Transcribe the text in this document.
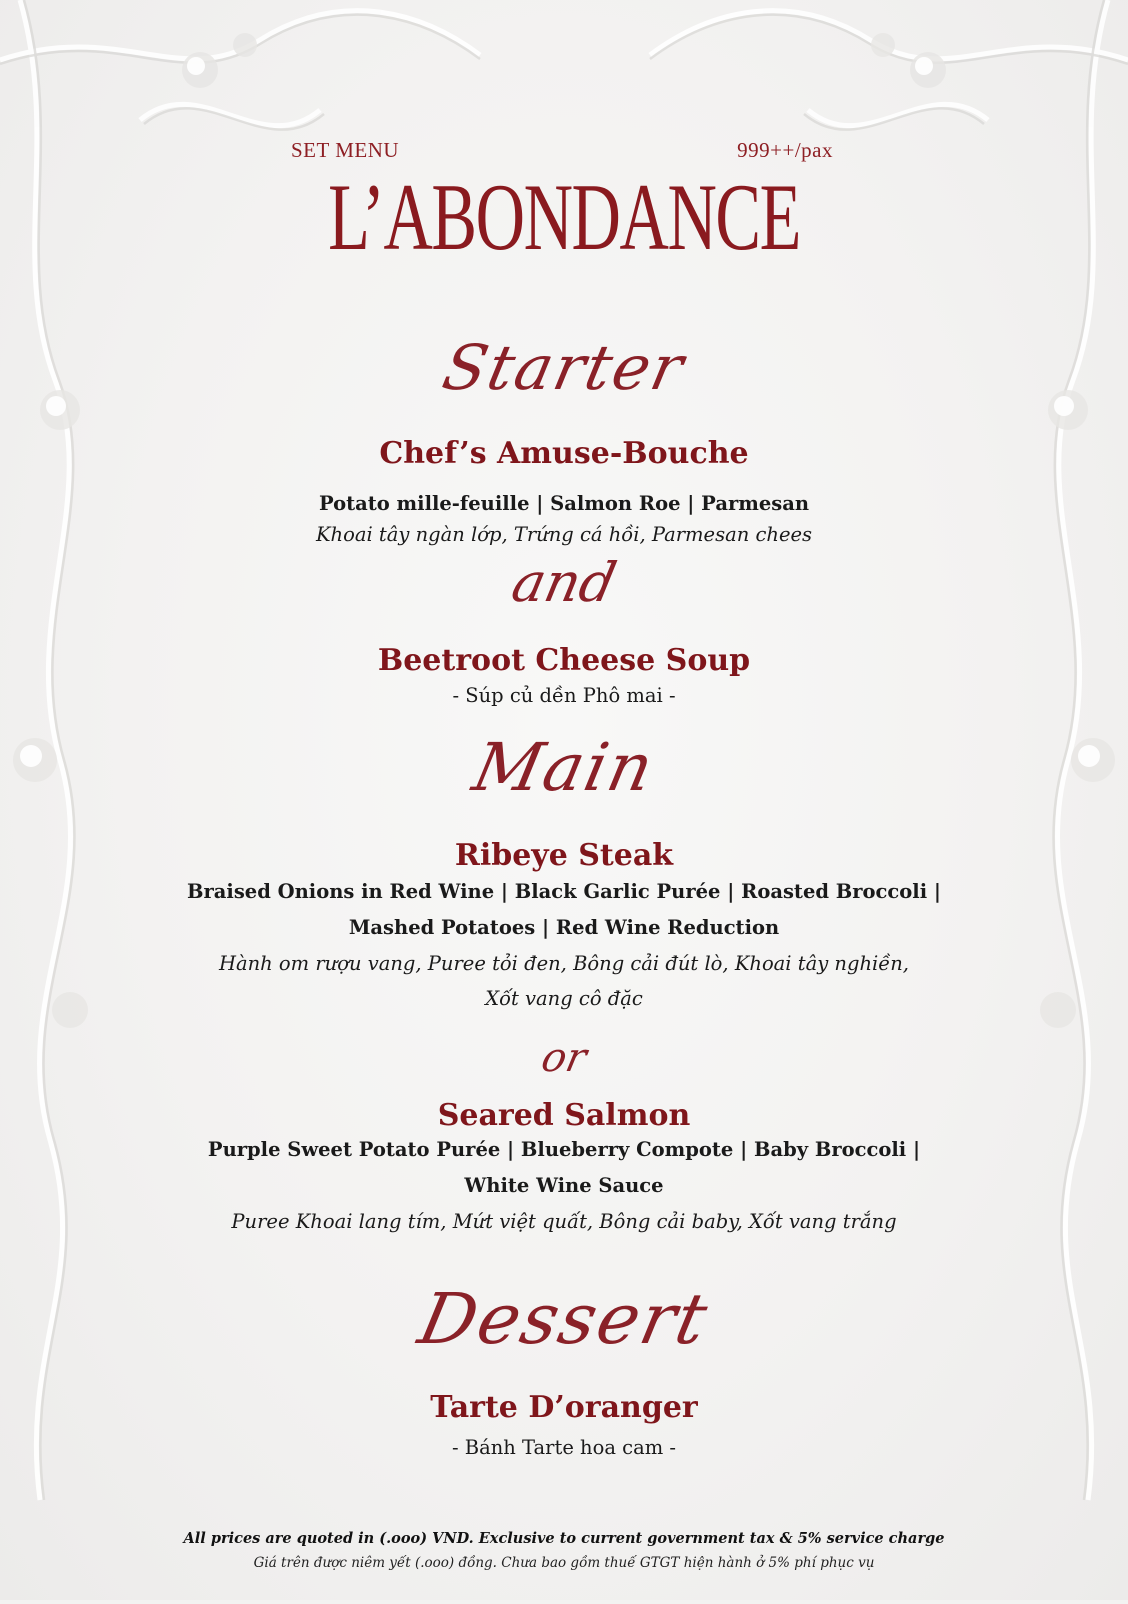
SET MENU	999++/pax
L’ABONDANCE
Starter
Chef’s Amuse-Bouche
Potato mille-feuille | Salmon Roe | Parmesan
Khoai tây ngàn lớp, Trứng cá hồi, Parmesan chees
and
Beetroot Cheese Soup
- Súp củ dền Phô mai -
Main
Ribeye Steak
Braised Onions in Red Wine | Black Garlic Purée | Roasted Broccoli |
Mashed Potatoes | Red Wine Reduction
Hành om rượu vang, Puree tỏi đen, Bông cải đút lò, Khoai tây nghiền,
Xốt vang cô đặc
or
Seared Salmon
Purple Sweet Potato Purée | Blueberry Compote | Baby Broccoli |
White Wine Sauce
Puree Khoai lang tím, Mứt việt quất, Bông cải baby, Xốt vang trắng
Dessert
Tarte D’oranger
- Bánh Tarte hoa cam -
All prices are quoted in (.ooo) VND. Exclusive to current government tax & 5% service charge
Giá trên được niêm yết (.ooo) đồng. Chưa bao gồm thuế GTGT hiện hành ở 5% phí phục vụ
